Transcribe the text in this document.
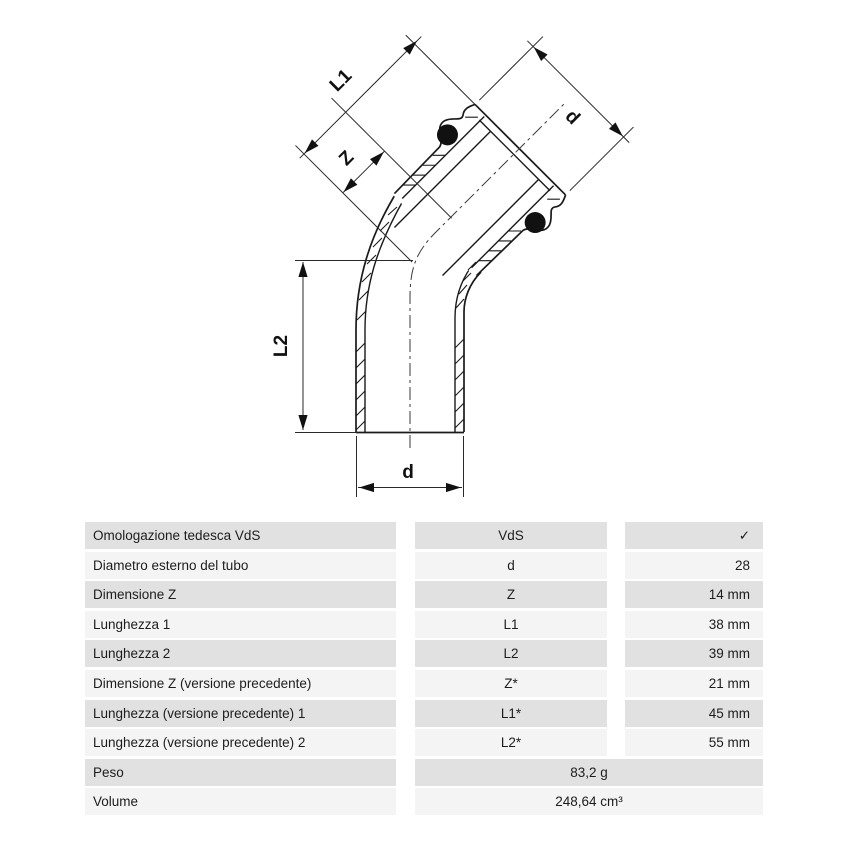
L1
Z
d
L2
d
Omologazione tedesca VdS	VdS	✓
Diametro esterno del tubo	d	28
Dimensione Z	Z	14 mm
Lunghezza 1	L1	38 mm
Lunghezza 2	L2	39 mm
Dimensione Z (versione precedente)	Z*	21 mm
Lunghezza (versione precedente) 1	L1*	45 mm
Lunghezza (versione precedente) 2	L2*	55 mm
Peso	83,2 g
Volume	248,64 cm³
